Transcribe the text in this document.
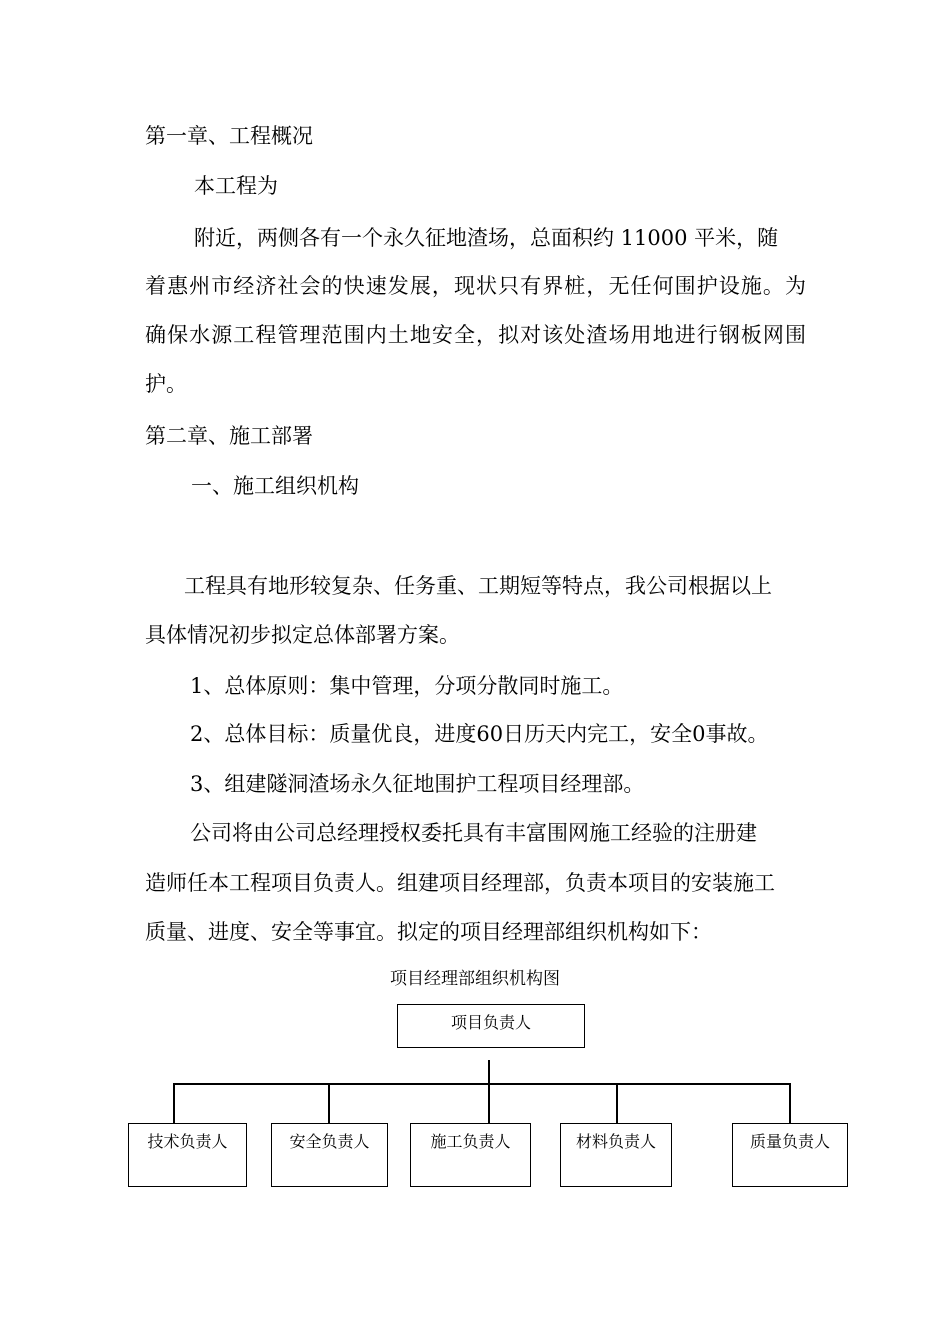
第一章、工程概况

本工程为

附近，两侧各有一个永久征地渣场，总面积约 11000 平米，随

着惠州市经济社会的快速发展，现状只有界桩，无任何围护设施。为

确保水源工程管理范围内土地安全，拟对该处渣场用地进行钢板网围

护。

第二章、施工部署

一、施工组织机构

工程具有地形较复杂、任务重、工期短等特点，我公司根据以上

具体情况初步拟定总体部署方案。

1、总体原则：集中管理，分项分散同时施工。

2、总体目标：质量优良，进度60日历天内完工，安全0事故。

3、组建隧洞渣场永久征地围护工程项目经理部。

公司将由公司总经理授权委托具有丰富围网施工经验的注册建

造师任本工程项目负责人。组建项目经理部，负责本项目的安装施工

质量、进度、安全等事宜。拟定的项目经理部组织机构如下：

项目经理部组织机构图
项目负责人
技术负责人	安全负责人	施工负责人	材料负责人	质量负责人
